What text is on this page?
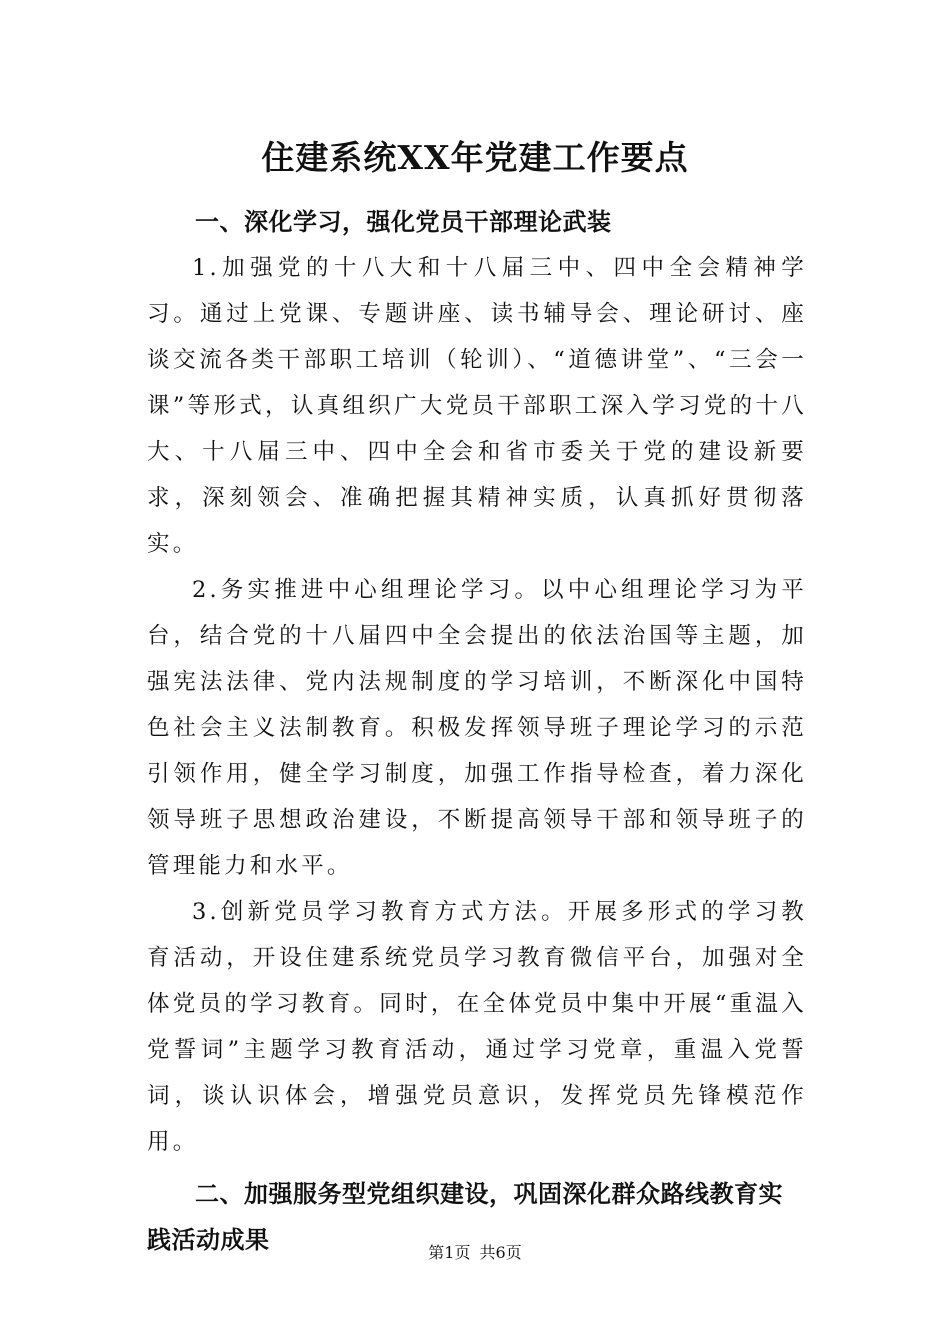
住建系统XX年党建工作要点

一、深化学习，强化党员干部理论武装

1.加强党的十八大和十八届三中、四中全会精神学习。通过上党课、专题讲座、读书辅导会、理论研讨、座谈交流各类干部职工培训（轮训）、“道德讲堂”、“三会一课”等形式，认真组织广大党员干部职工深入学习党的十八大、十八届三中、四中全会和省市委关于党的建设新要求，深刻领会、准确把握其精神实质，认真抓好贯彻落实。

2.务实推进中心组理论学习。以中心组理论学习为平台，结合党的十八届四中全会提出的依法治国等主题，加强宪法法律、党内法规制度的学习培训，不断深化中国特色社会主义法制教育。积极发挥领导班子理论学习的示范引领作用，健全学习制度，加强工作指导检查，着力深化领导班子思想政治建设，不断提高领导干部和领导班子的管理能力和水平。

3.创新党员学习教育方式方法。开展多形式的学习教育活动，开设住建系统党员学习教育微信平台，加强对全体党员的学习教育。同时，在全体党员中集中开展“重温入党誓词”主题学习教育活动，通过学习党章，重温入党誓词，谈认识体会，增强党员意识，发挥党员先锋模范作用。

二、加强服务型党组织建设，巩固深化群众路线教育实践活动成果	第1页 共6页
